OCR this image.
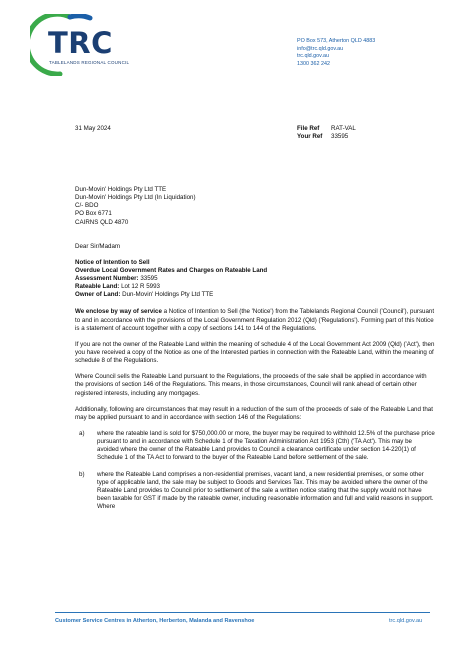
TRC
TABLELANDS REGIONAL COUNCIL
PO Box 573, Atherton QLD 4883
info@trc.qld.gov.au
trc.qld.gov.au
1300 362 242
31 May 2024	File Ref	RAT-VAL
Your Ref	33595

Dun-Movin' Holdings Pty Ltd TTE
Dun-Movin' Holdings Pty Ltd (In Liquidation)
C/- BDO
PO Box 6771
CAIRNS QLD 4870

Dear Sir/Madam

Notice of Intention to Sell
Overdue Local Government Rates and Charges on Rateable Land
Assessment Number: 33595
Rateable Land: Lot 12 R 5993
Owner of Land: Dun-Movin' Holdings Pty Ltd TTE

We enclose by way of service a Notice of Intention to Sell (the 'Notice') from the Tablelands Regional Council ('Council'), pursuant to and in accordance with the provisions of the Local Government Regulation 2012 (Qld) ('Regulations'). Forming part of this Notice is a statement of account together with a copy of sections 141 to 144 of the Regulations.

If you are not the owner of the Rateable Land within the meaning of schedule 4 of the Local Government Act 2009 (Qld) ('Act'), then you have received a copy of the Notice as one of the Interested parties in connection with the Rateable Land, within the meaning of schedule 8 of the Regulations.

Where Council sells the Rateable Land pursuant to the Regulations, the proceeds of the sale shall be applied in accordance with the provisions of section 146 of the Regulations. This means, in those circumstances, Council will rank ahead of certain other registered interests, including any mortgages.

Additionally, following are circumstances that may result in a reduction of the sum of the proceeds of sale of the Rateable Land that may be applied pursuant to and in accordance with section 146 of the Regulations:

a)	where the rateable land is sold for $750,000.00 or more, the buyer may be required to withhold 12.5% of the purchase price pursuant to and in accordance with Schedule 1 of the Taxation Administration Act 1953 (Cth) ('TA Act'). This may be avoided where the owner of the Rateable Land provides to Council a clearance certificate under section 14-220(1) of Schedule 1 of the TA Act to forward to the buyer of the Rateable Land before settlement of the sale.
b)	where the Rateable Land comprises a non-residential premises, vacant land, a new residential premises, or some other type of applicable land, the sale may be subject to Goods and Services Tax. This may be avoided where the owner of the Rateable Land provides to Council prior to settlement of the sale a written notice stating that the supply would not have been taxable for GST if made by the rateable owner, including reasonable information and full and valid reasons in support. Where
Customer Service Centres in Atherton, Herberton, Malanda and Ravenshoe	trc.qld.gov.au
